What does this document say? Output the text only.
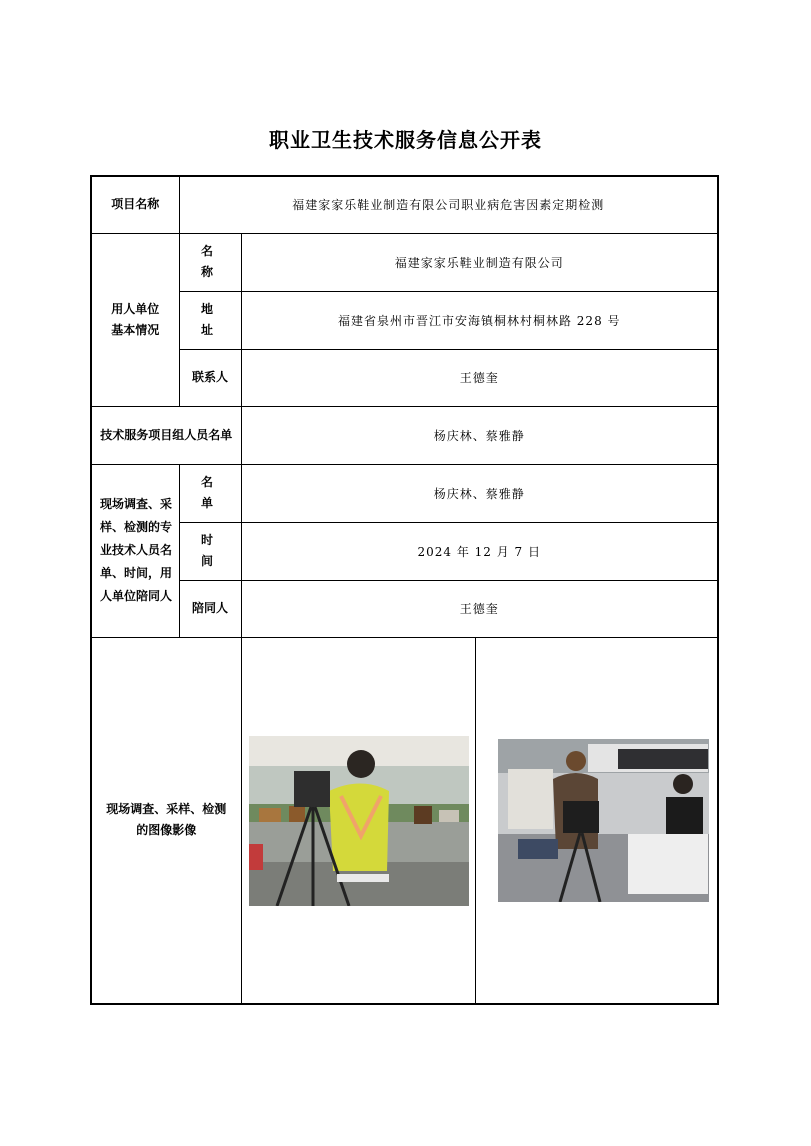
职业卫生技术服务信息公开表
项目名称	福建家家乐鞋业制造有限公司职业病危害因素定期检测		
用人单位基本情况	名 称	福建家家乐鞋业制造有限公司	
	地 址	福建省泉州市晋江市安海镇桐林村桐林路 228 号	
	联系人	王德奎	
技术服务项目组人员名单		杨庆林、蔡雅静	
现场调查、采样、检测的专业技术人员名单、时间，用人单位陪同人	名 单	杨庆林、蔡雅静	
	时 间	2024 年 12 月 7 日	
	陪同人	王德奎	
现场调查、采样、检测的图像影像	
